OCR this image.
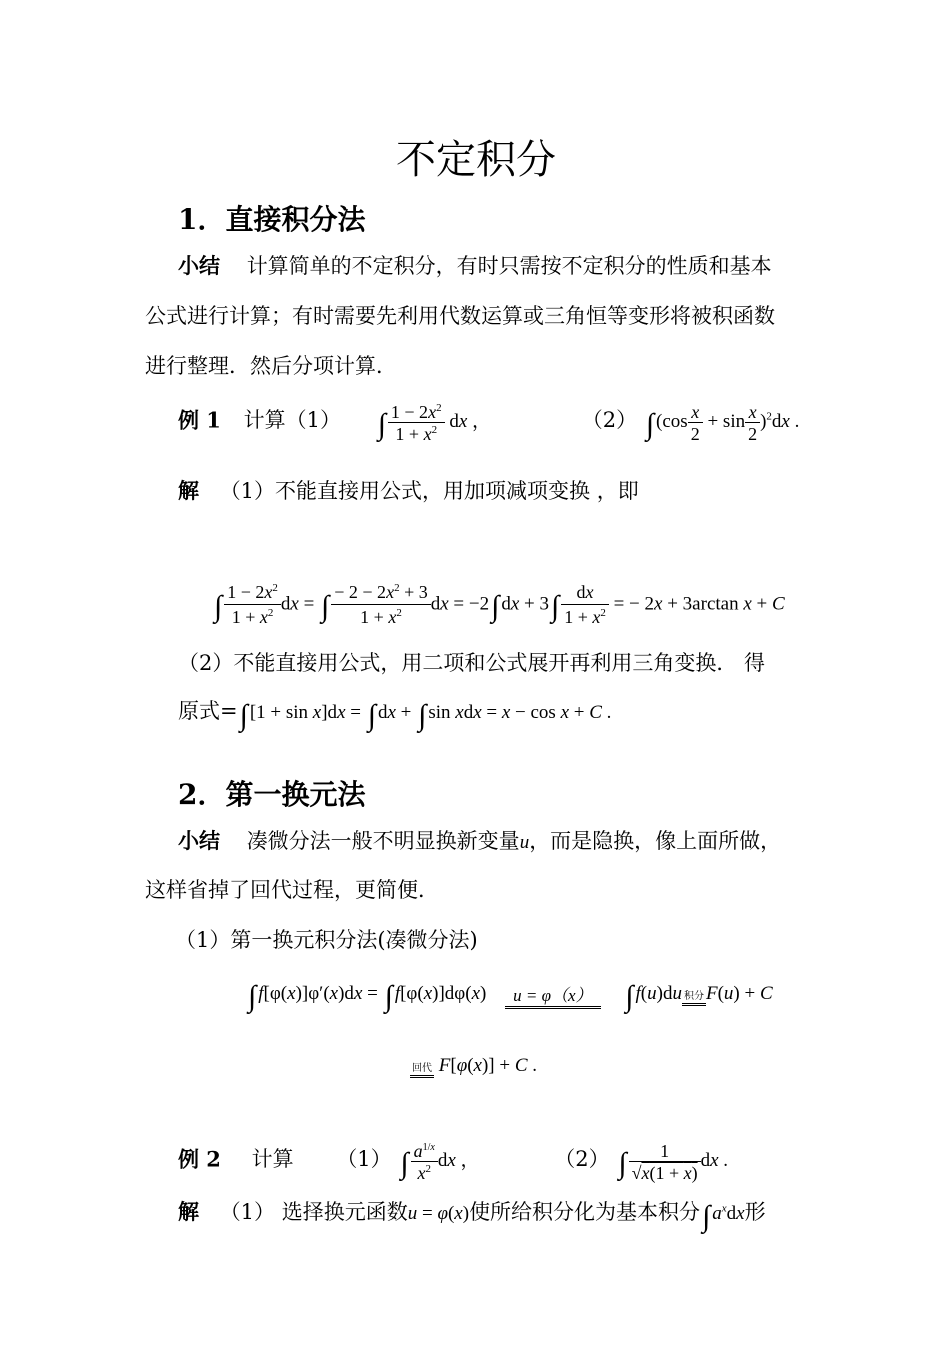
不定积分
1．直接积分法
小结 计算简单的不定积分，有时只需按不定积分的性质和基本
公式进行计算；有时需要先利用代数运算或三角恒等变形将被积函数
进行整理．然后分项计算．
例 1 计算（1） ∫ $\frac{1 - 2x^2}{1 + x^2}$ dx ，	（2） ∫ $(\cos \frac{x}{2} + \sin \frac{x}{2} )^2dx$ .
解 （1）不能直接用公式，用加项减项变换 ，即
∫ $\frac{1 - 2x^2}{1 + x^2}$ dx = ∫ $\frac{- 2 - 2x^2 + 3}{1 + x^2}$ dx = −2∫ dx + $3\int \frac{dx}{1 + x^2}$ = − 2x + 3arctan x + C
（2）不能直接用公式，用二项和公式展开再利用三角变换． 得
原式=∫ [1 + sin x]dx = ∫ dx + ∫ sin xdx = x − cos x + C .
2．第一换元法
小结 凑微分法一般不明显换新变量u，而是隐换，像上面所做，
这样省掉了回代过程，更简便．
（1）第一换元积分法(凑微分法)
∫ f[φ(x)]φ′(x)dx = ∫ f[φ(x)]dφ(x)	u = φ（x） ∫ f(u)du 积分 F(u) + C
回代 F[φ(x)] + C .
例 2 计算 （1） ∫ $\frac{a^{1/x}}{x^2}$ dx ，	（2） ∫ $\frac{1}{√x(1 + x)}$ dx .
解 （1） 选择换元函数u = φ(x)使所给积分化为基本积分∫ $a^xdx$形
